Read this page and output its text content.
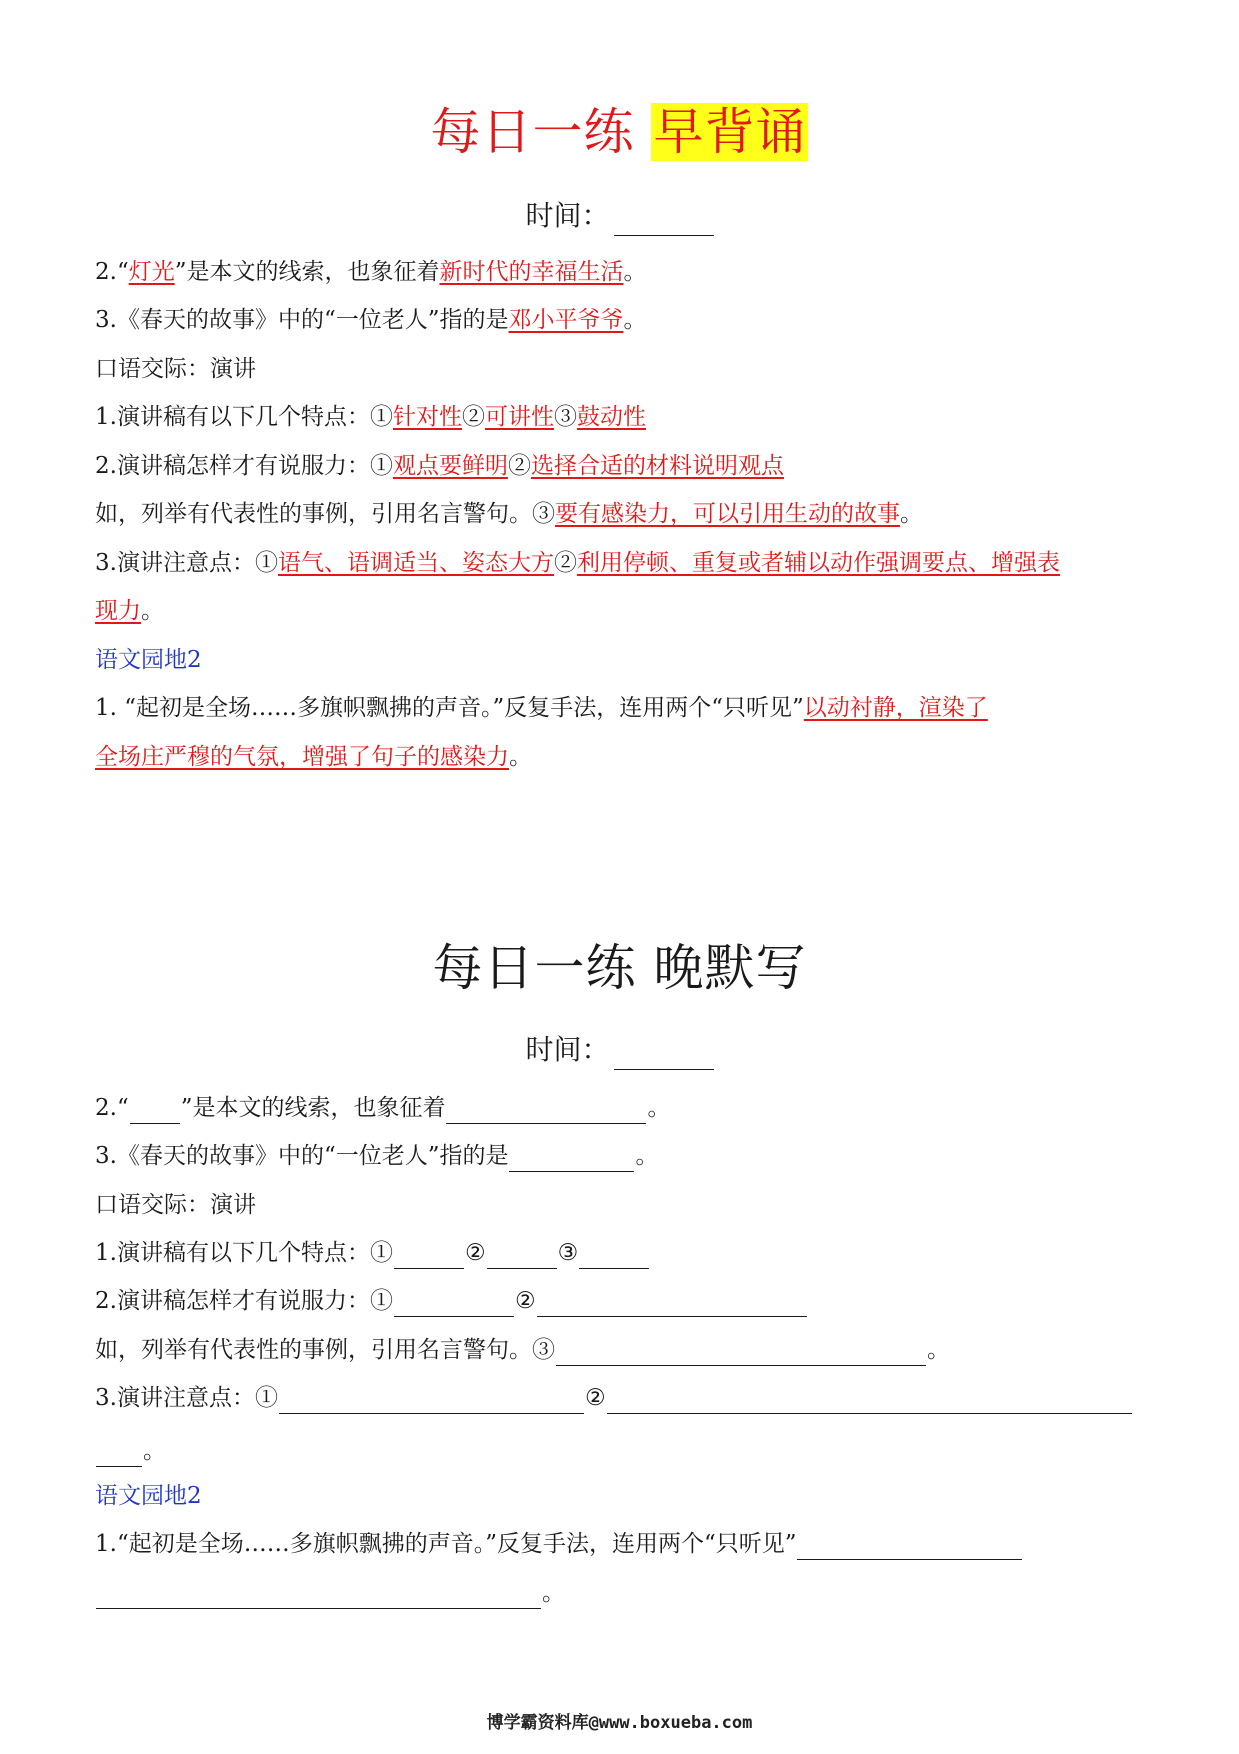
每日一练 早背诵
时间：
2.“灯光”是本文的线索，也象征着新时代的幸福生活。
3.《春天的故事》中的“一位老人”指的是邓小平爷爷。
口语交际：演讲
1.演讲稿有以下几个特点：①针对性②可讲性③鼓动性
2.演讲稿怎样才有说服力：①观点要鲜明②选择合适的材料说明观点
如，列举有代表性的事例，引用名言警句。③要有感染力，可以引用生动的故事。
3.演讲注意点：①语气、语调适当、姿态大方②利用停顿、重复或者辅以动作强调要点、增强表
现力。
语文园地2
1. “起初是全场……多旗帜飘拂的声音。”反复手法，连用两个“只听见”以动衬静，渲染了
全场庄严穆的气氛，增强了句子的感染力。
每日一练 晚默写
时间：
2.“ ”是本文的线索，也象征着	。
3.《春天的故事》中的“一位老人”指的是	。
口语交际：演讲
1.演讲稿有以下几个特点：①	②	③
2.演讲稿怎样才有说服力：①	②
如，列举有代表性的事例，引用名言警句。③	。
3.演讲注意点：①	②
。
语文园地2
1.“起初是全场……多旗帜飘拂的声音。”反复手法，连用两个“只听见”
。
博学霸资料库@www.boxueba.com
